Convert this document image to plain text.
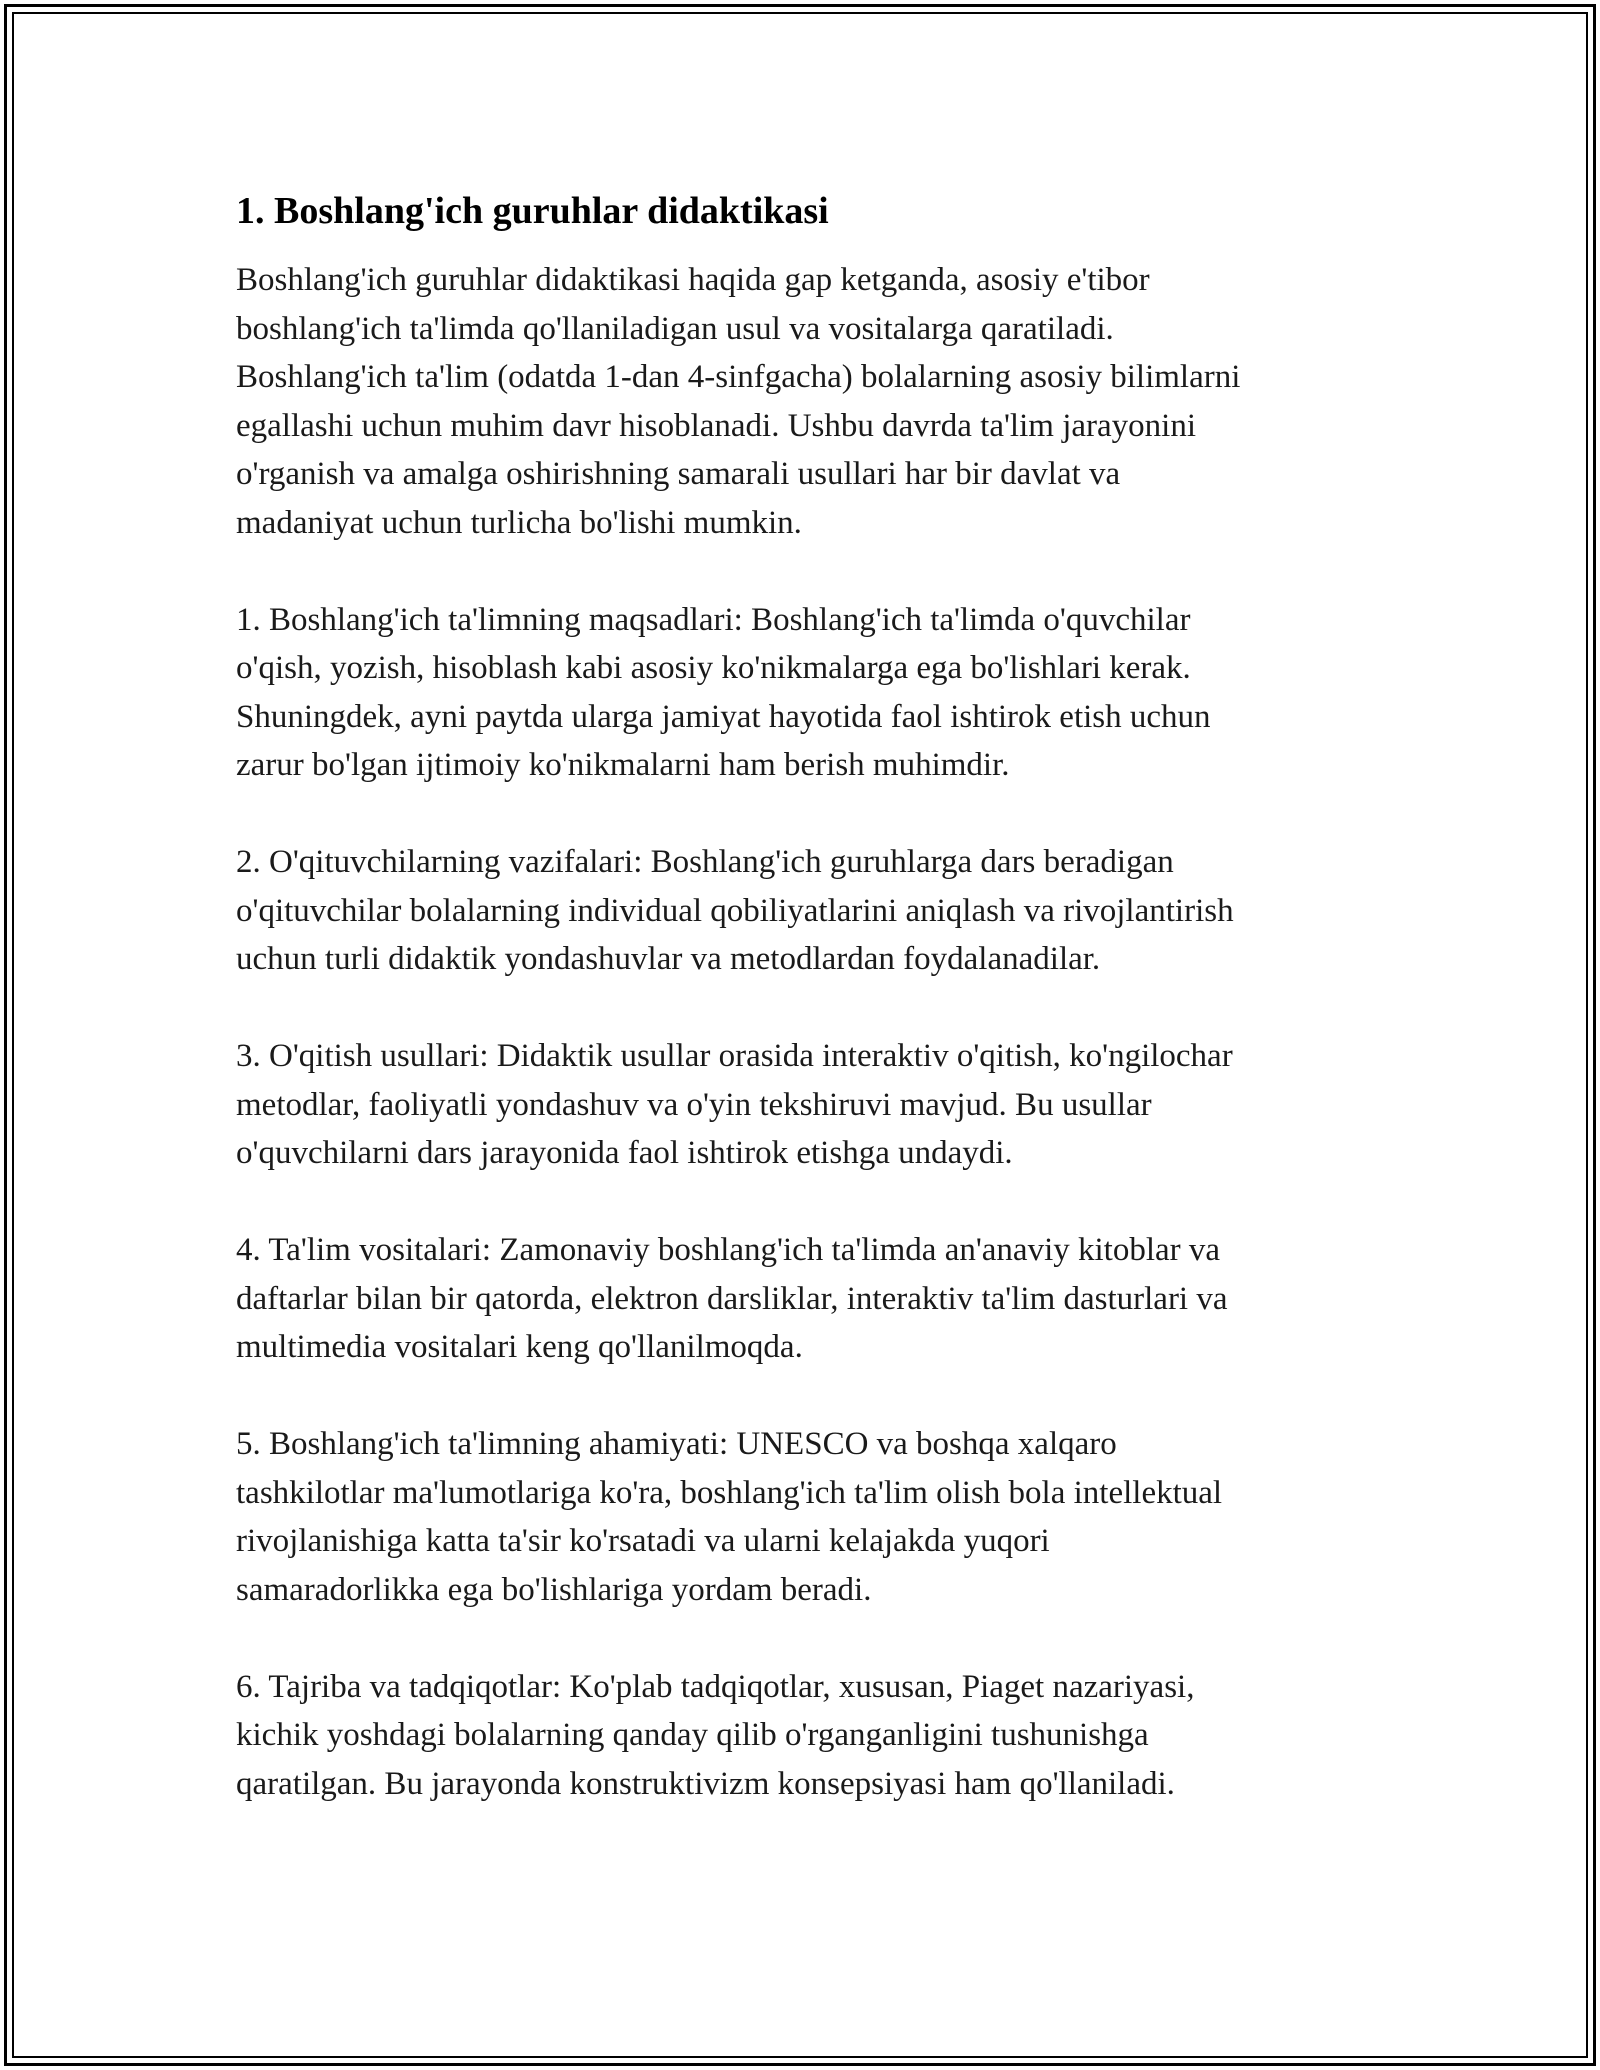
1. Boshlang'ich guruhlar didaktikasi
Boshlang'ich guruhlar didaktikasi haqida gap ketganda, asosiy e'tibor
boshlang'ich ta'limda qo'llaniladigan usul va vositalarga qaratiladi.
Boshlang'ich ta'lim (odatda 1-dan 4-sinfgacha) bolalarning asosiy bilimlarni
egallashi uchun muhim davr hisoblanadi. Ushbu davrda ta'lim jarayonini
o'rganish va amalga oshirishning samarali usullari har bir davlat va
madaniyat uchun turlicha bo'lishi mumkin.
1. Boshlang'ich ta'limning maqsadlari: Boshlang'ich ta'limda o'quvchilar
o'qish, yozish, hisoblash kabi asosiy ko'nikmalarga ega bo'lishlari kerak.
Shuningdek, ayni paytda ularga jamiyat hayotida faol ishtirok etish uchun
zarur bo'lgan ijtimoiy ko'nikmalarni ham berish muhimdir.
2. O'qituvchilarning vazifalari: Boshlang'ich guruhlarga dars beradigan
o'qituvchilar bolalarning individual qobiliyatlarini aniqlash va rivojlantirish
uchun turli didaktik yondashuvlar va metodlardan foydalanadilar.
3. O'qitish usullari: Didaktik usullar orasida interaktiv o'qitish, ko'ngilochar
metodlar, faoliyatli yondashuv va o'yin tekshiruvi mavjud. Bu usullar
o'quvchilarni dars jarayonida faol ishtirok etishga undaydi.
4. Ta'lim vositalari: Zamonaviy boshlang'ich ta'limda an'anaviy kitoblar va
daftarlar bilan bir qatorda, elektron darsliklar, interaktiv ta'lim dasturlari va
multimedia vositalari keng qo'llanilmoqda.
5. Boshlang'ich ta'limning ahamiyati: UNESCO va boshqa xalqaro
tashkilotlar ma'lumotlariga ko'ra, boshlang'ich ta'lim olish bola intellektual
rivojlanishiga katta ta'sir ko'rsatadi va ularni kelajakda yuqori
samaradorlikka ega bo'lishlariga yordam beradi.
6. Tajriba va tadqiqotlar: Ko'plab tadqiqotlar, xususan, Piaget nazariyasi,
kichik yoshdagi bolalarning qanday qilib o'rganganligini tushunishga
qaratilgan. Bu jarayonda konstruktivizm konsepsiyasi ham qo'llaniladi.
